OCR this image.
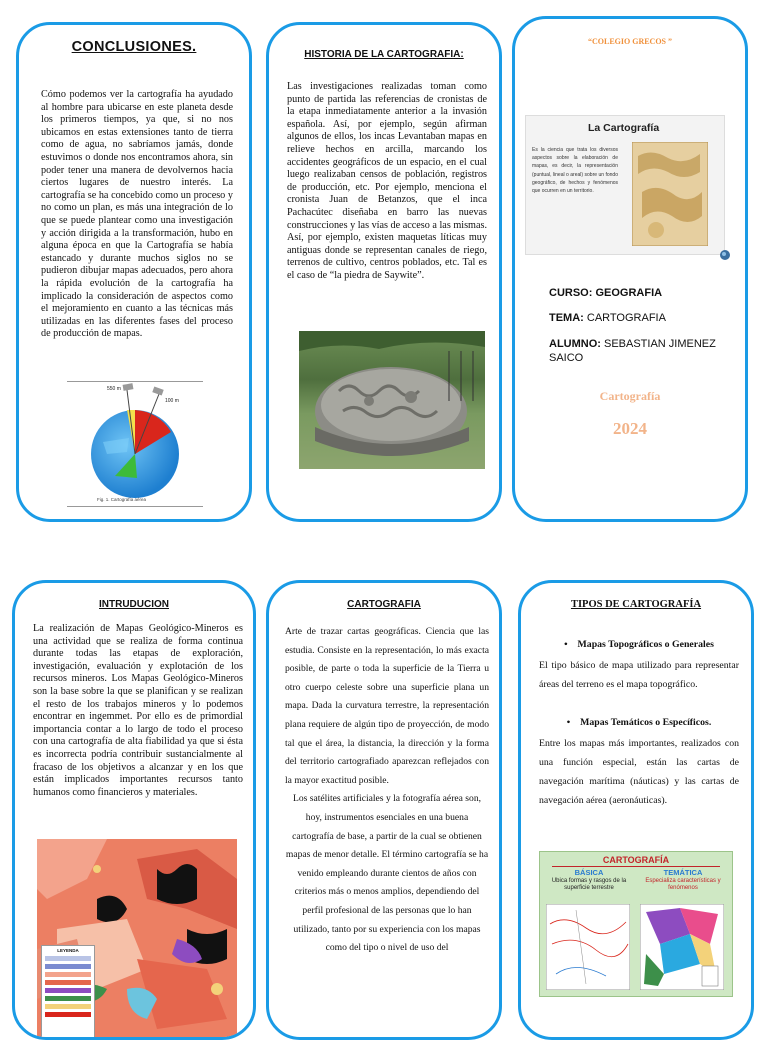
CONCLUSIONES.
Cómo podemos ver la cartografía ha ayudado al hombre para ubicarse en este planeta desde los primeros tiempos, ya que, si no nos ubicamos en estas extensiones tanto de tierra como de agua, no sabríamos jamás, donde estuvimos o donde nos encontramos ahora, sin poder tener una manera de devolvernos hacia ciertos lugares de nuestro interés. La cartografía se ha concebido como un proceso y no como un plan, es más una integración de lo que se puede plantear como una investigación y acción dirigida a la transformación, hubo en alguna época en que la Cartografía se había estancado y durante muchos siglos no se pudieron dibujar mapas adecuados, pero ahora la rápida evolución de la cartografía ha implicado la consideración de aspectos como el mejoramiento en cuanto a las técnicas más utilizadas en las diferentes fases del proceso de producción de mapas.
100 m
550 m
Fig. 1. Cartografía aérea
HISTORIA DE LA CARTOGRAFIA:
Las investigaciones realizadas toman como punto de partida las referencias de cronistas de la etapa inmediatamente anterior a la invasión española. Así, por ejemplo, según afirman algunos de ellos, los incas Levantaban mapas en relieve hechos en arcilla, marcando los accidentes geográficos de un espacio, en el cual luego realizaban censos de población, registros de producción, etc. Por ejemplo, menciona el cronista Juan de Betanzos, que el inca Pachacútec diseñaba en barro las nuevas construcciones y las vías de acceso a las mismas.
Así, por ejemplo, existen maquetas líticas muy antiguas donde se representan canales de riego, terrenos de cultivo, centros poblados, etc. Tal es el caso de “la piedra de Saywite”.
“COLEGIO GRECOS ”
La Cartografía
Es la ciencia que trata los diversos aspectos sobre la elaboración de mapas, es decir, la representación (puntual, lineal o areal) sobre un fondo geográfico, de hechos y fenómenos que ocurren en un territorio.
CURSO: GEOGRAFIA
TEMA: CARTOGRAFIA
ALUMNO: SEBASTIAN JIMENEZ SAICO
Cartografía
2024
INTRUDUCION
La realización de Mapas Geológico-Mineros es una actividad que se realiza de forma continua durante todas las etapas de exploración, investigación, evaluación y explotación de los recursos mineros. Los Mapas Geológico-Mineros son la base sobre la que se planifican y se realizan el resto de los trabajos mineros y lo podemos encontrar en ingemmet. Por ello es de primordial importancia contar a lo largo de todo el proceso con una cartografía de alta fiabilidad ya que si ésta es incorrecta podría contribuir sustancialmente al fracaso de los objetivos a alcanzar y en los que están implicados importantes recursos tanto humanos como financieros y materiales.
LEYENDA
CARTOGRAFIA
Arte de trazar cartas geográficas. Ciencia que las estudia. Consiste en la representación, lo más exacta posible, de parte o toda la superficie de la Tierra u otro cuerpo celeste sobre una superficie plana un mapa. Dada la curvatura terrestre, la representación plana requiere de algún tipo de proyección, de modo tal que el área, la distancia, la dirección y la forma del territorio cartografiado aparezcan reflejados con la mayor exactitud posible.
Los satélites artificiales y la fotografía aérea son, hoy, instrumentos esenciales en una buena cartografía de base, a partir de la cual se obtienen mapas de menor detalle. El término cartografía se ha venido empleando durante cientos de años con criterios más o menos amplios, dependiendo del perfil profesional de las personas que lo han utilizado, tanto por su experiencia con los mapas como del tipo o nivel de uso del
TIPOS DE CARTOGRAFÍA
• Mapas Topográficos o Generales

El tipo básico de mapa utilizado para representar áreas del terreno es el mapa topográfico.

• Mapas Temáticos o Específicos.

Entre los mapas más importantes, realizados con una función especial, están las cartas de navegación marítima (náuticas) y las cartas de navegación aérea (aeronáuticas).

CARTOGRAFÍA
BÁSICA
Ubica formas y rasgos de la superficie terrestre
TEMÁTICA
Especializa características y fenómenos
